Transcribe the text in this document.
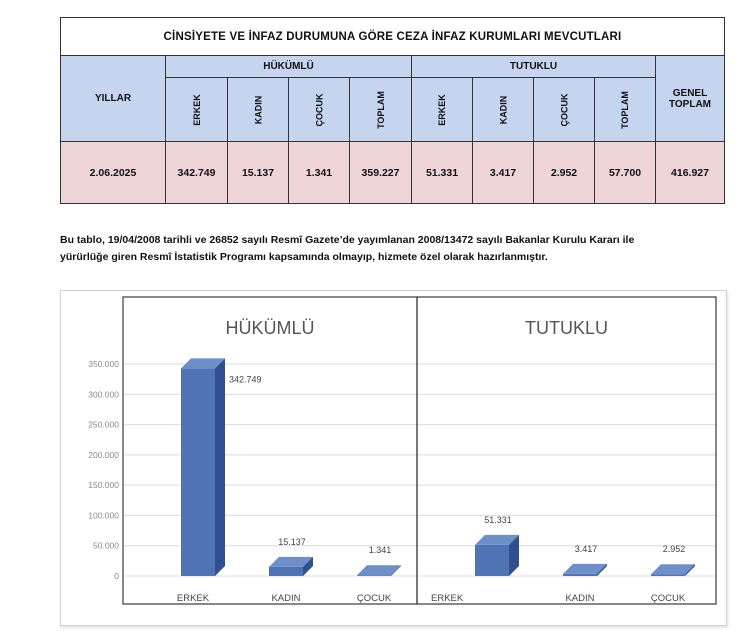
CİNSİYETE VE İNFAZ DURUMUNA GÖRE CEZA İNFAZ KURUMLARI MEVCUTLARI									
YILLAR	HÜKÜMLÜ				TUTUKLU				GENEL TOPLAM
	ERKEK	KADIN	ÇOCUK	TOPLAM	ERKEK	KADIN	ÇOCUK	TOPLAM	
2.06.2025	342.749	15.137	1.341	359.227	51.331	3.417	2.952	57.700	416.927
Bu tablo, 19/04/2008 tarihli ve 26852 sayılı Resmî Gazete’de yayımlanan 2008/13472 sayılı Bakanlar Kurulu Kararı ile
yürürlüğe giren Resmî İstatistik Programı kapsamında olmayıp, hizmete özel olarak hazırlanmıştır.
0
50.000
100.000
150.000
200.000
250.000
300.000
350.000
HÜKÜMLÜ
342.749
ERKEK
15.137
KADIN
1.341
ÇOCUK
TUTUKLU
51.331
ERKEK
3.417
KADIN
2.952
ÇOCUK
